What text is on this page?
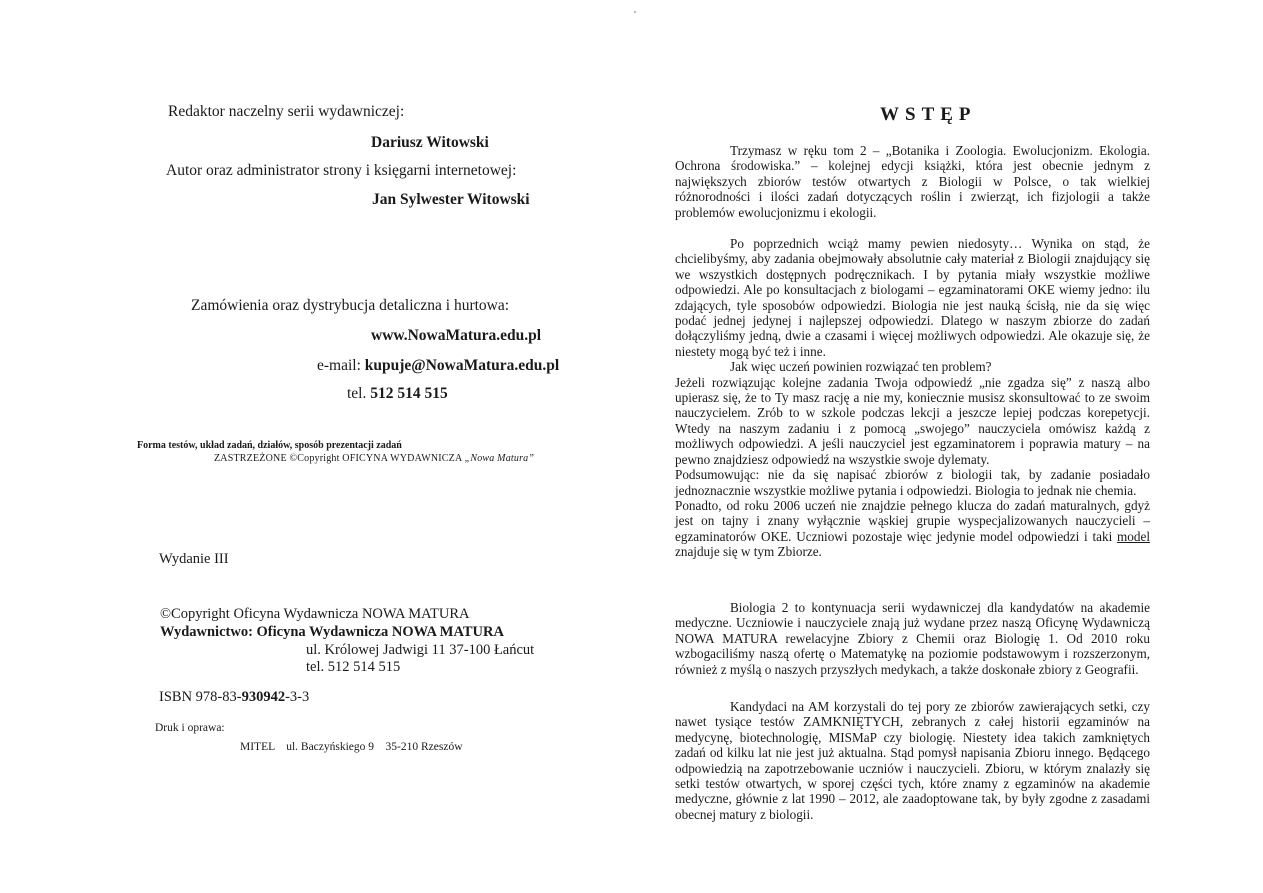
Redaktor naczelny serii wydawniczej:
Dariusz Witowski
Autor oraz administrator strony i księgarni internetowej:
Jan Sylwester Witowski
Zamówienia oraz dystrybucja detaliczna i hurtowa:
www.NowaMatura.edu.pl
e-mail: kupuje@NowaMatura.edu.pl
tel. 512 514 515
Forma testów, układ zadań, działów, sposób prezentacji zadań
ZASTRZEŻONE ©Copyright OFICYNA WYDAWNICZA „Nowa Matura”
Wydanie III
©Copyright Oficyna Wydawnicza NOWA MATURA
Wydawnictwo: Oficyna Wydawnicza NOWA MATURA
ul. Królowej Jadwigi 11 37-100 Łańcut
tel. 512 514 515
ISBN 978-83-930942-3-3
Druk i oprawa:
MITEL    ul. Baczyńskiego 9    35-210 Rzeszów
WSTĘP

Trzymasz w ręku tom 2 – „Botanika i Zoologia. Ewolucjonizm. Ekologia. Ochrona środowiska.” – kolejnej edycji książki, która jest obecnie jednym z największych zbiorów testów otwartych z Biologii w Polsce, o tak wielkiej różnorodności i ilości zadań dotyczących roślin i zwierząt, ich fizjologii a także problemów ewolucjonizmu i ekologii.

Po poprzednich wciąż mamy pewien niedosyty… Wynika on stąd, że chcielibyśmy, aby zadania obejmowały absolutnie cały materiał z Biologii znajdujący się we wszystkich dostępnych podręcznikach. I by pytania miały wszystkie możliwe odpowiedzi. Ale po konsultacjach z biologami – egzaminatorami OKE wiemy jedno: ilu zdających, tyle sposobów odpowiedzi. Biologia nie jest nauką ścisłą, nie da się więc podać jednej jedynej i najlepszej odpowiedzi. Dlatego w naszym zbiorze do zadań dołączyliśmy jedną, dwie a czasami i więcej możliwych odpowiedzi. Ale okazuje się, że niestety mogą być też i inne.

Jak więc uczeń powinien rozwiązać ten problem?

Jeżeli rozwiązując kolejne zadania Twoja odpowiedź „nie zgadza się” z naszą albo upierasz się, że to Ty masz rację a nie my, koniecznie musisz skonsultować to ze swoim nauczycielem. Zrób to w szkole podczas lekcji a jeszcze lepiej podczas korepetycji. Wtedy na naszym zadaniu i z pomocą „swojego” nauczyciela omówisz każdą z możliwych odpowiedzi. A jeśli nauczyciel jest egzaminatorem i poprawia matury – na pewno znajdziesz odpowiedź na wszystkie swoje dylematy.

Podsumowując: nie da się napisać zbiorów z biologii tak, by zadanie posiadało jednoznacznie wszystkie możliwe pytania i odpowiedzi. Biologia to jednak nie chemia.

Ponadto, od roku 2006 uczeń nie znajdzie pełnego klucza do zadań maturalnych, gdyż jest on tajny i znany wyłącznie wąskiej grupie wyspecjalizowanych nauczycieli – egzaminatorów OKE. Uczniowi pozostaje więc jedynie model odpowiedzi i taki model znajduje się w tym Zbiorze.

Biologia 2 to kontynuacja serii wydawniczej dla kandydatów na akademie medyczne. Uczniowie i nauczyciele znają już wydane przez naszą Oficynę Wydawniczą NOWA MATURA rewelacyjne Zbiory z Chemii oraz Biologię 1. Od 2010 roku wzbogaciliśmy naszą ofertę o Matematykę na poziomie podstawowym i rozszerzonym, również z myślą o naszych przyszłych medykach, a także doskonałe zbiory z Geografii.

Kandydaci na AM korzystali do tej pory ze zbiorów zawierających setki, czy nawet tysiące testów ZAMKNIĘTYCH, zebranych z całej historii egzaminów na medycynę, biotechnologię, MISMaP czy biologię. Niestety idea takich zamkniętych zadań od kilku lat nie jest już aktualna. Stąd pomysł napisania Zbioru innego. Będącego odpowiedzią na zapotrzebowanie uczniów i nauczycieli. Zbioru, w którym znalazły się setki testów otwartych, w sporej części tych, które znamy z egzaminów na akademie medyczne, głównie z lat 1990 – 2012, ale zaadoptowane tak, by były zgodne z zasadami obecnej matury z biologii.
